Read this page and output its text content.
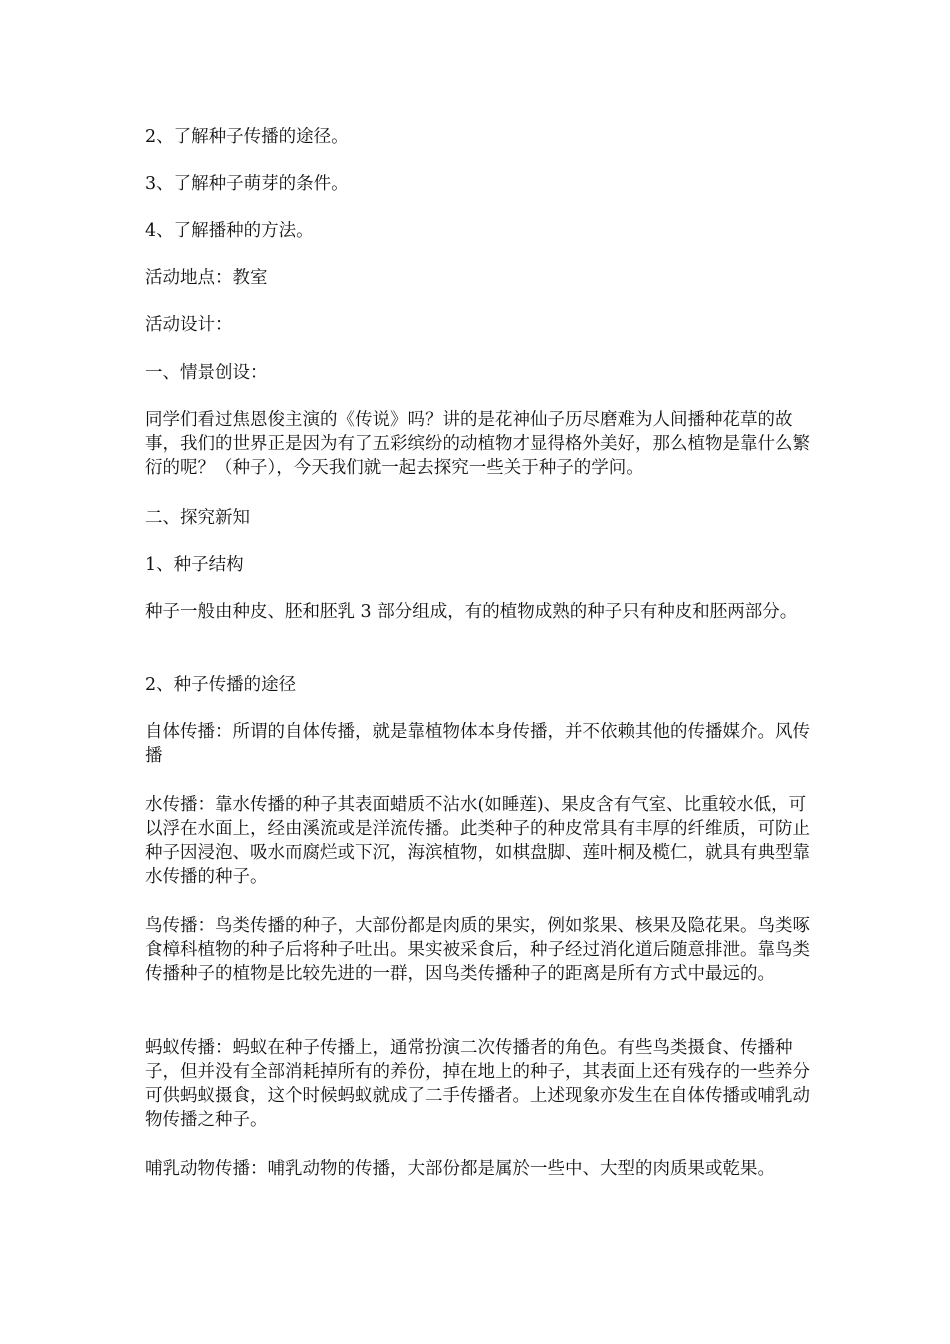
2、了解种子传播的途径。

3、了解种子萌芽的条件。

4、了解播种的方法。

活动地点：教室

活动设计：

一、情景创设：

同学们看过焦恩俊主演的《传说》吗？讲的是花神仙子历尽磨难为人间播种花草的故事，我们的世界正是因为有了五彩缤纷的动植物才显得格外美好，那么植物是靠什么繁衍的呢？（种子），今天我们就一起去探究一些关于种子的学问。

二、探究新知

1、种子结构

种子一般由种皮、胚和胚乳 3 部分组成，有的植物成熟的种子只有种皮和胚两部分。

2、种子传播的途径

自体传播：所谓的自体传播，就是靠植物体本身传播，并不依赖其他的传播媒介。风传播

水传播：靠水传播的种子其表面蜡质不沾水(如睡莲)、果皮含有气室、比重较水低，可以浮在水面上，经由溪流或是洋流传播。此类种子的种皮常具有丰厚的纤维质，可防止种子因浸泡、吸水而腐烂或下沉，海滨植物，如棋盘脚、莲叶桐及榄仁，就具有典型靠水传播的种子。

鸟传播：鸟类传播的种子，大部份都是肉质的果实，例如浆果、核果及隐花果。鸟类啄食樟科植物的种子后将种子吐出。果实被采食后，种子经过消化道后随意排泄。靠鸟类传播种子的植物是比较先进的一群，因鸟类传播种子的距离是所有方式中最远的。

蚂蚁传播：蚂蚁在种子传播上，通常扮演二次传播者的角色。有些鸟类摄食、传播种子，但并没有全部消耗掉所有的养份，掉在地上的种子，其表面上还有残存的一些养分可供蚂蚁摄食，这个时候蚂蚁就成了二手传播者。上述现象亦发生在自体传播或哺乳动物传播之种子。

哺乳动物传播：哺乳动物的传播，大部份都是属於一些中、大型的肉质果或乾果。
